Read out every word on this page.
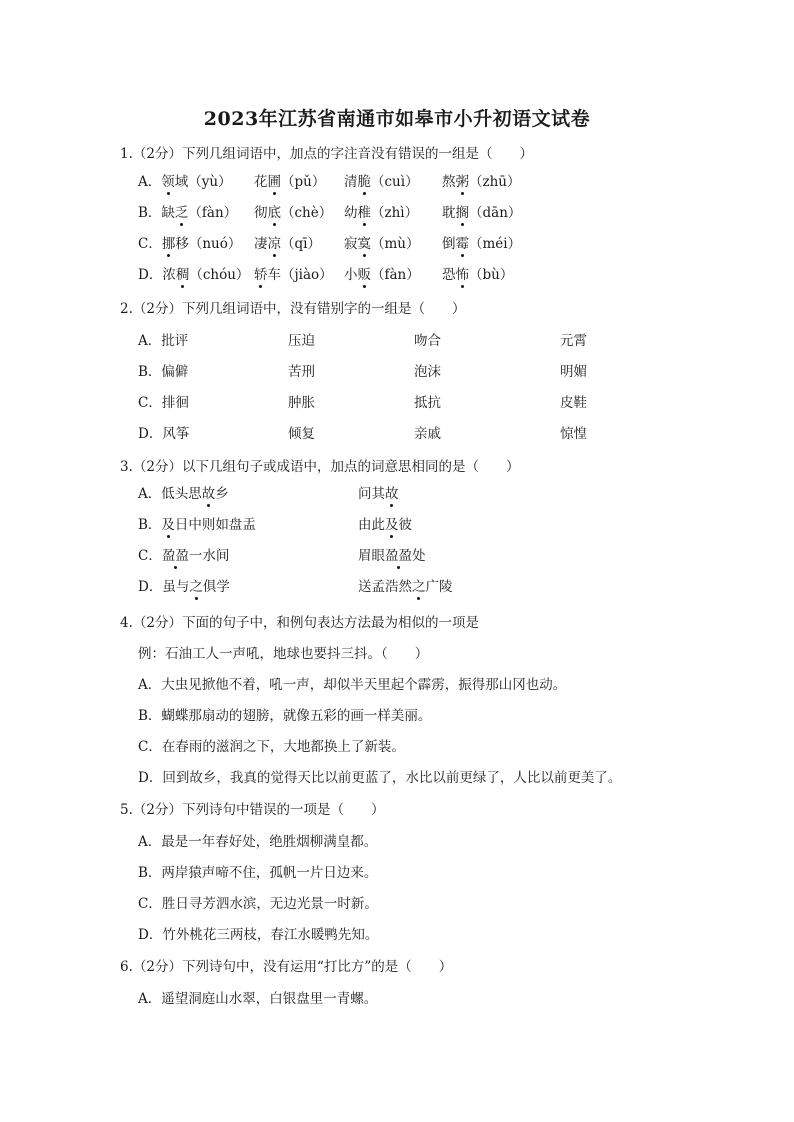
2023年江苏省南通市如皋市小升初语文试卷
1.（2分）下列几组词语中，加点的字注音没有错误的一组是（　　）
A．领域（yù） 花圃（pǔ） 清脆（cuì） 熬粥（zhū）
B．缺乏（fàn） 彻底（chè） 幼稚（zhì） 耽搁（dān）
C．挪移（nuó） 凄凉（qī） 寂寞（mù） 倒霉（méi）
D．浓稠（chóu） 轿车（jiào） 小贩（fàn） 恐怖（bù）
2.（2分）下列几组词语中，没有错别字的一组是（　　）
A．批评	压迫	吻合	元霄
B．偏僻	苦刑	泡沫	明媚
C．排徊	肿胀	抵抗	皮鞋
D．风筝	倾复	亲戚	惊惶
3.（2分）以下几组句子或成语中，加点的词意思相同的是（　　）
A．低头思故乡	问其故
B．及日中则如盘盂	由此及彼
C．盈盈一水间	眉眼盈盈处
D．虽与之俱学	送孟浩然之广陵
4.（2分）下面的句子中，和例句表达方法最为相似的一项是
例：石油工人一声吼，地球也要抖三抖。（　　）
A．大虫见掀他不着，吼一声，却似半天里起个霹雳，振得那山冈也动。
B．蝴蝶那扇动的翅膀，就像五彩的画一样美丽。
C．在春雨的滋润之下，大地都换上了新装。
D．回到故乡，我真的觉得天比以前更蓝了，水比以前更绿了，人比以前更美了。
5.（2分）下列诗句中错误的一项是（　　）
A．最是一年春好处，绝胜烟柳满皇都。
B．两岸猿声啼不住，孤帆一片日边来。
C．胜日寻芳泗水滨，无边光景一时新。
D．竹外桃花三两枝，春江水暖鸭先知。
6.（2分）下列诗句中，没有运用“打比方”的是（　　）
A．遥望洞庭山水翠，白银盘里一青螺。
